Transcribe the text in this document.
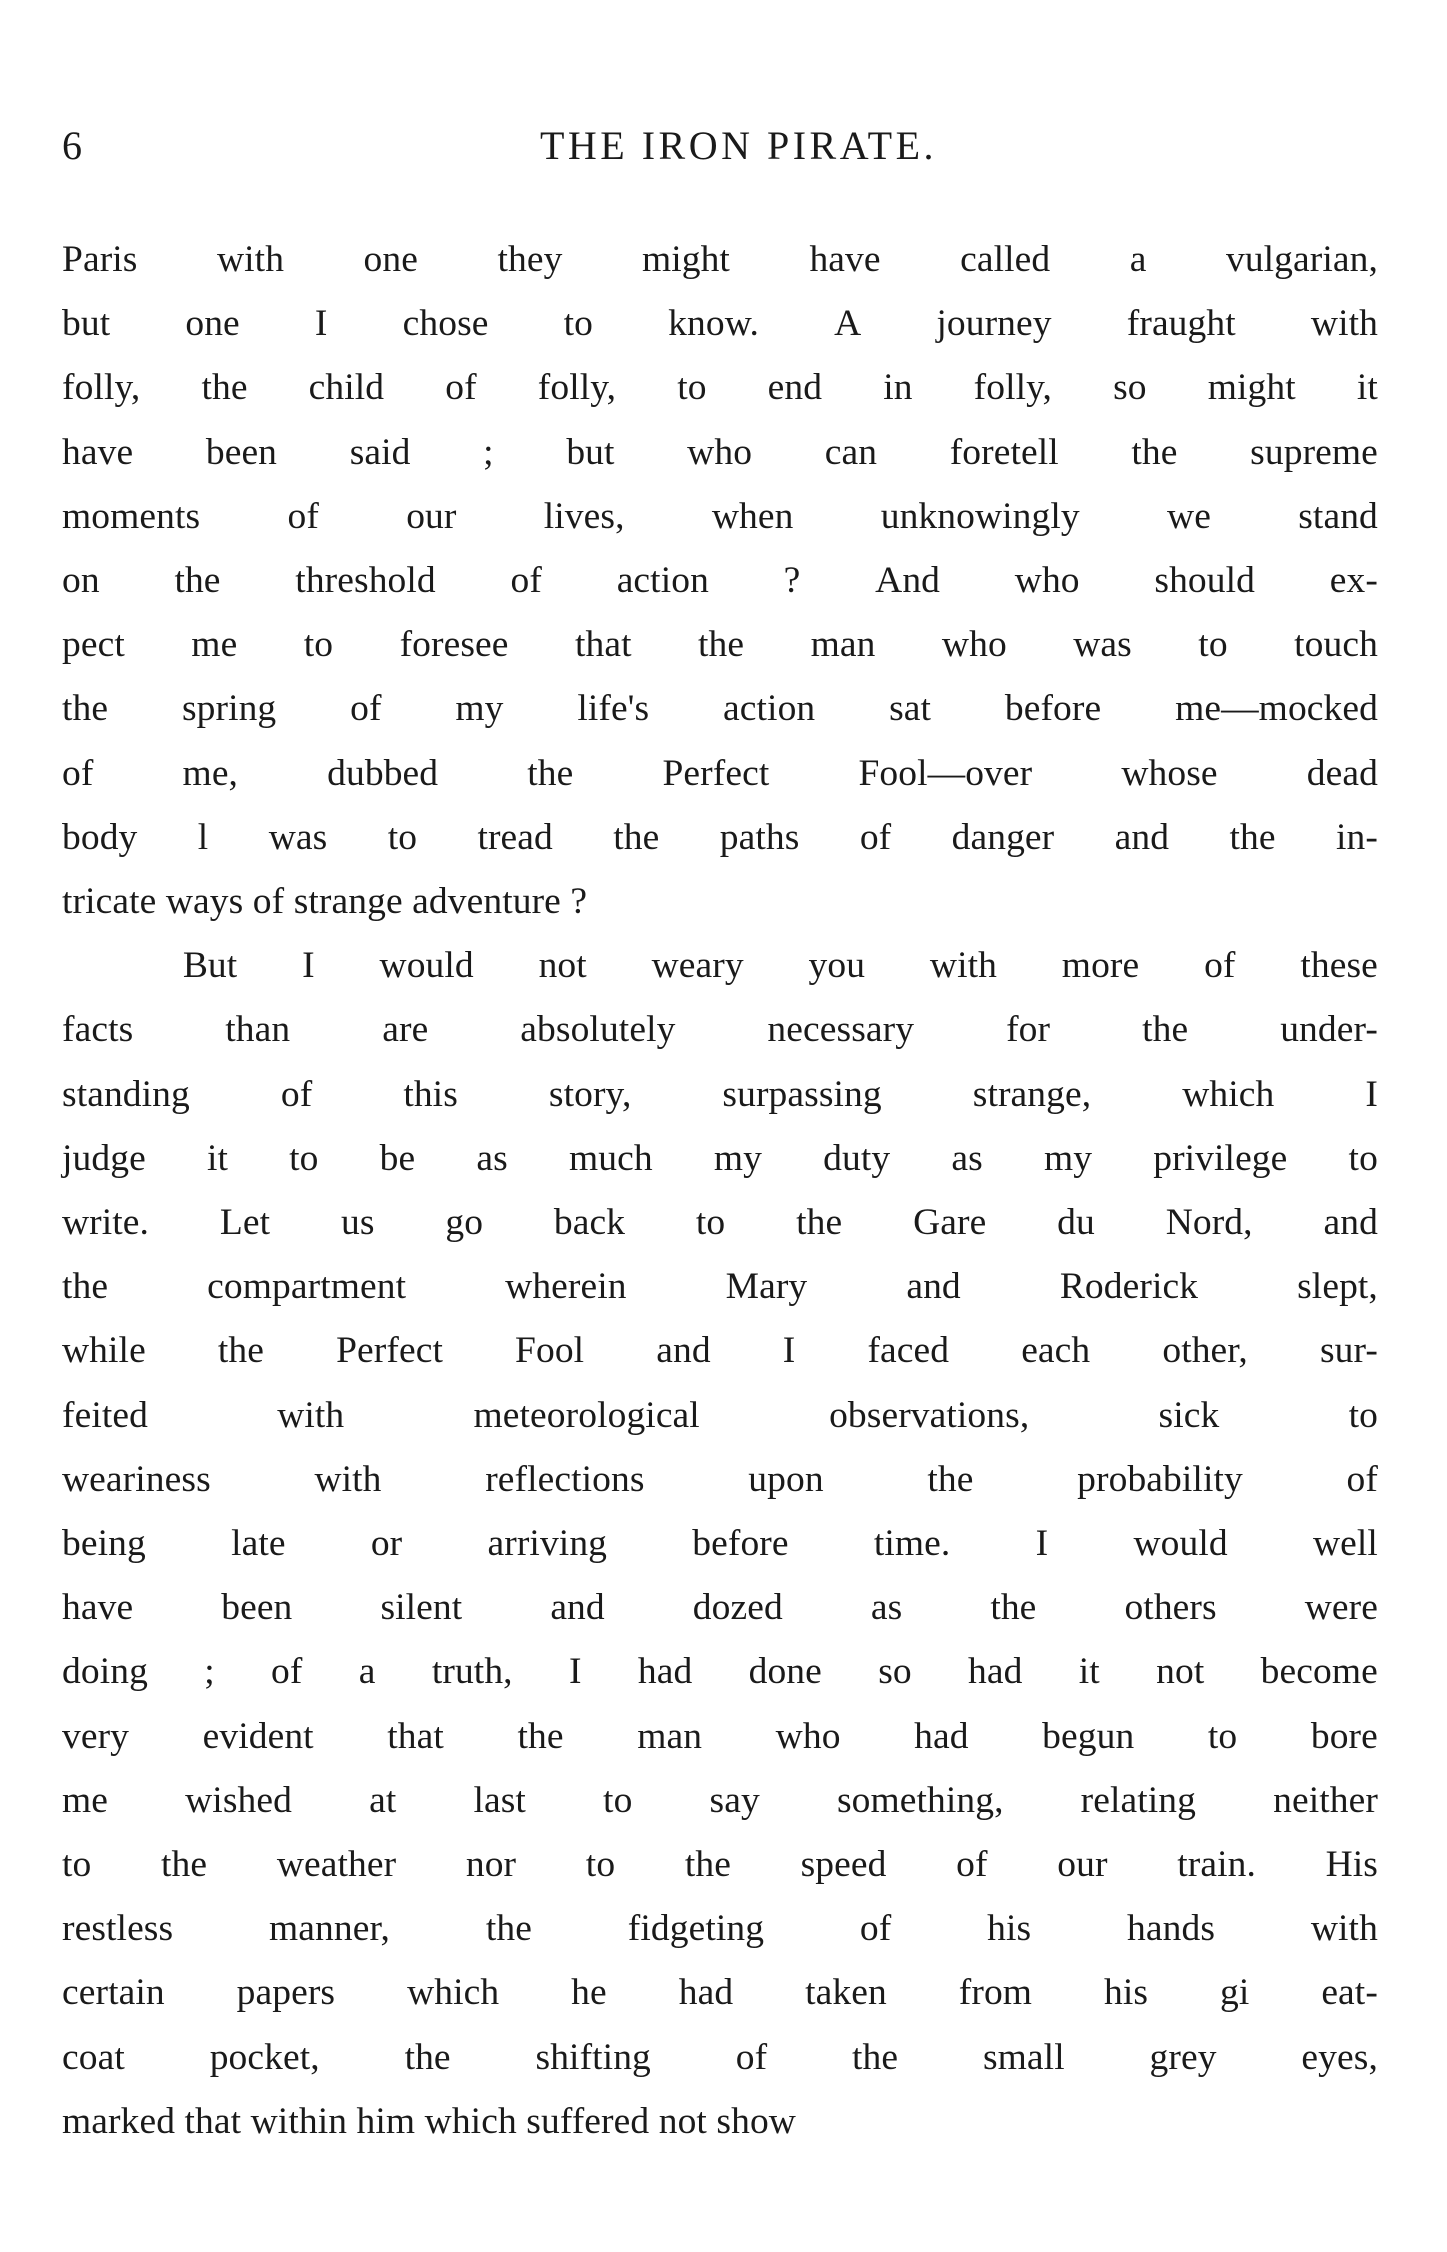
6	THE IRON PIRATE.

Paris with one they might have called a vulgarian,
but one I chose to know. A journey fraught with
folly, the child of folly, to end in folly, so might it
have been said ; but who can foretell the supreme
moments of our lives, when unknowingly we stand
on the threshold of action ? And who should ex-
pect me to foresee that the man who was to touch
the spring of my life's action sat before me—mocked
of me, dubbed the Perfect Fool—over whose dead
body l was to tread the paths of danger and the in-
tricate ways of strange adventure ?

But I would not weary you with more of these
facts than are absolutely necessary for the under-
standing of this story, surpassing strange, which I
judge it to be as much my duty as my privilege to
write. Let us go back to the Gare du Nord, and
the	compartment	wherein	Mary	and	Roderick	slept,
while the Perfect Fool and I faced each other, sur-
feited	with	meteorological	observations,	sick	to
weariness	with	reflections	upon	the	probability	of
being late or arriving before time. I would well
have been silent and dozed as the others were
doing ; of a truth, I had done so had it not become
very evident that the man who had begun to bore
me wished at last to say something, relating neither
to the weather nor to the speed of our train. His
restless	manner,	the	fidgeting	of	his	hands	with
certain papers which he had taken from his gi eat-
coat pocket, the shifting of the small grey eyes,
marked that within him which suffered not show
